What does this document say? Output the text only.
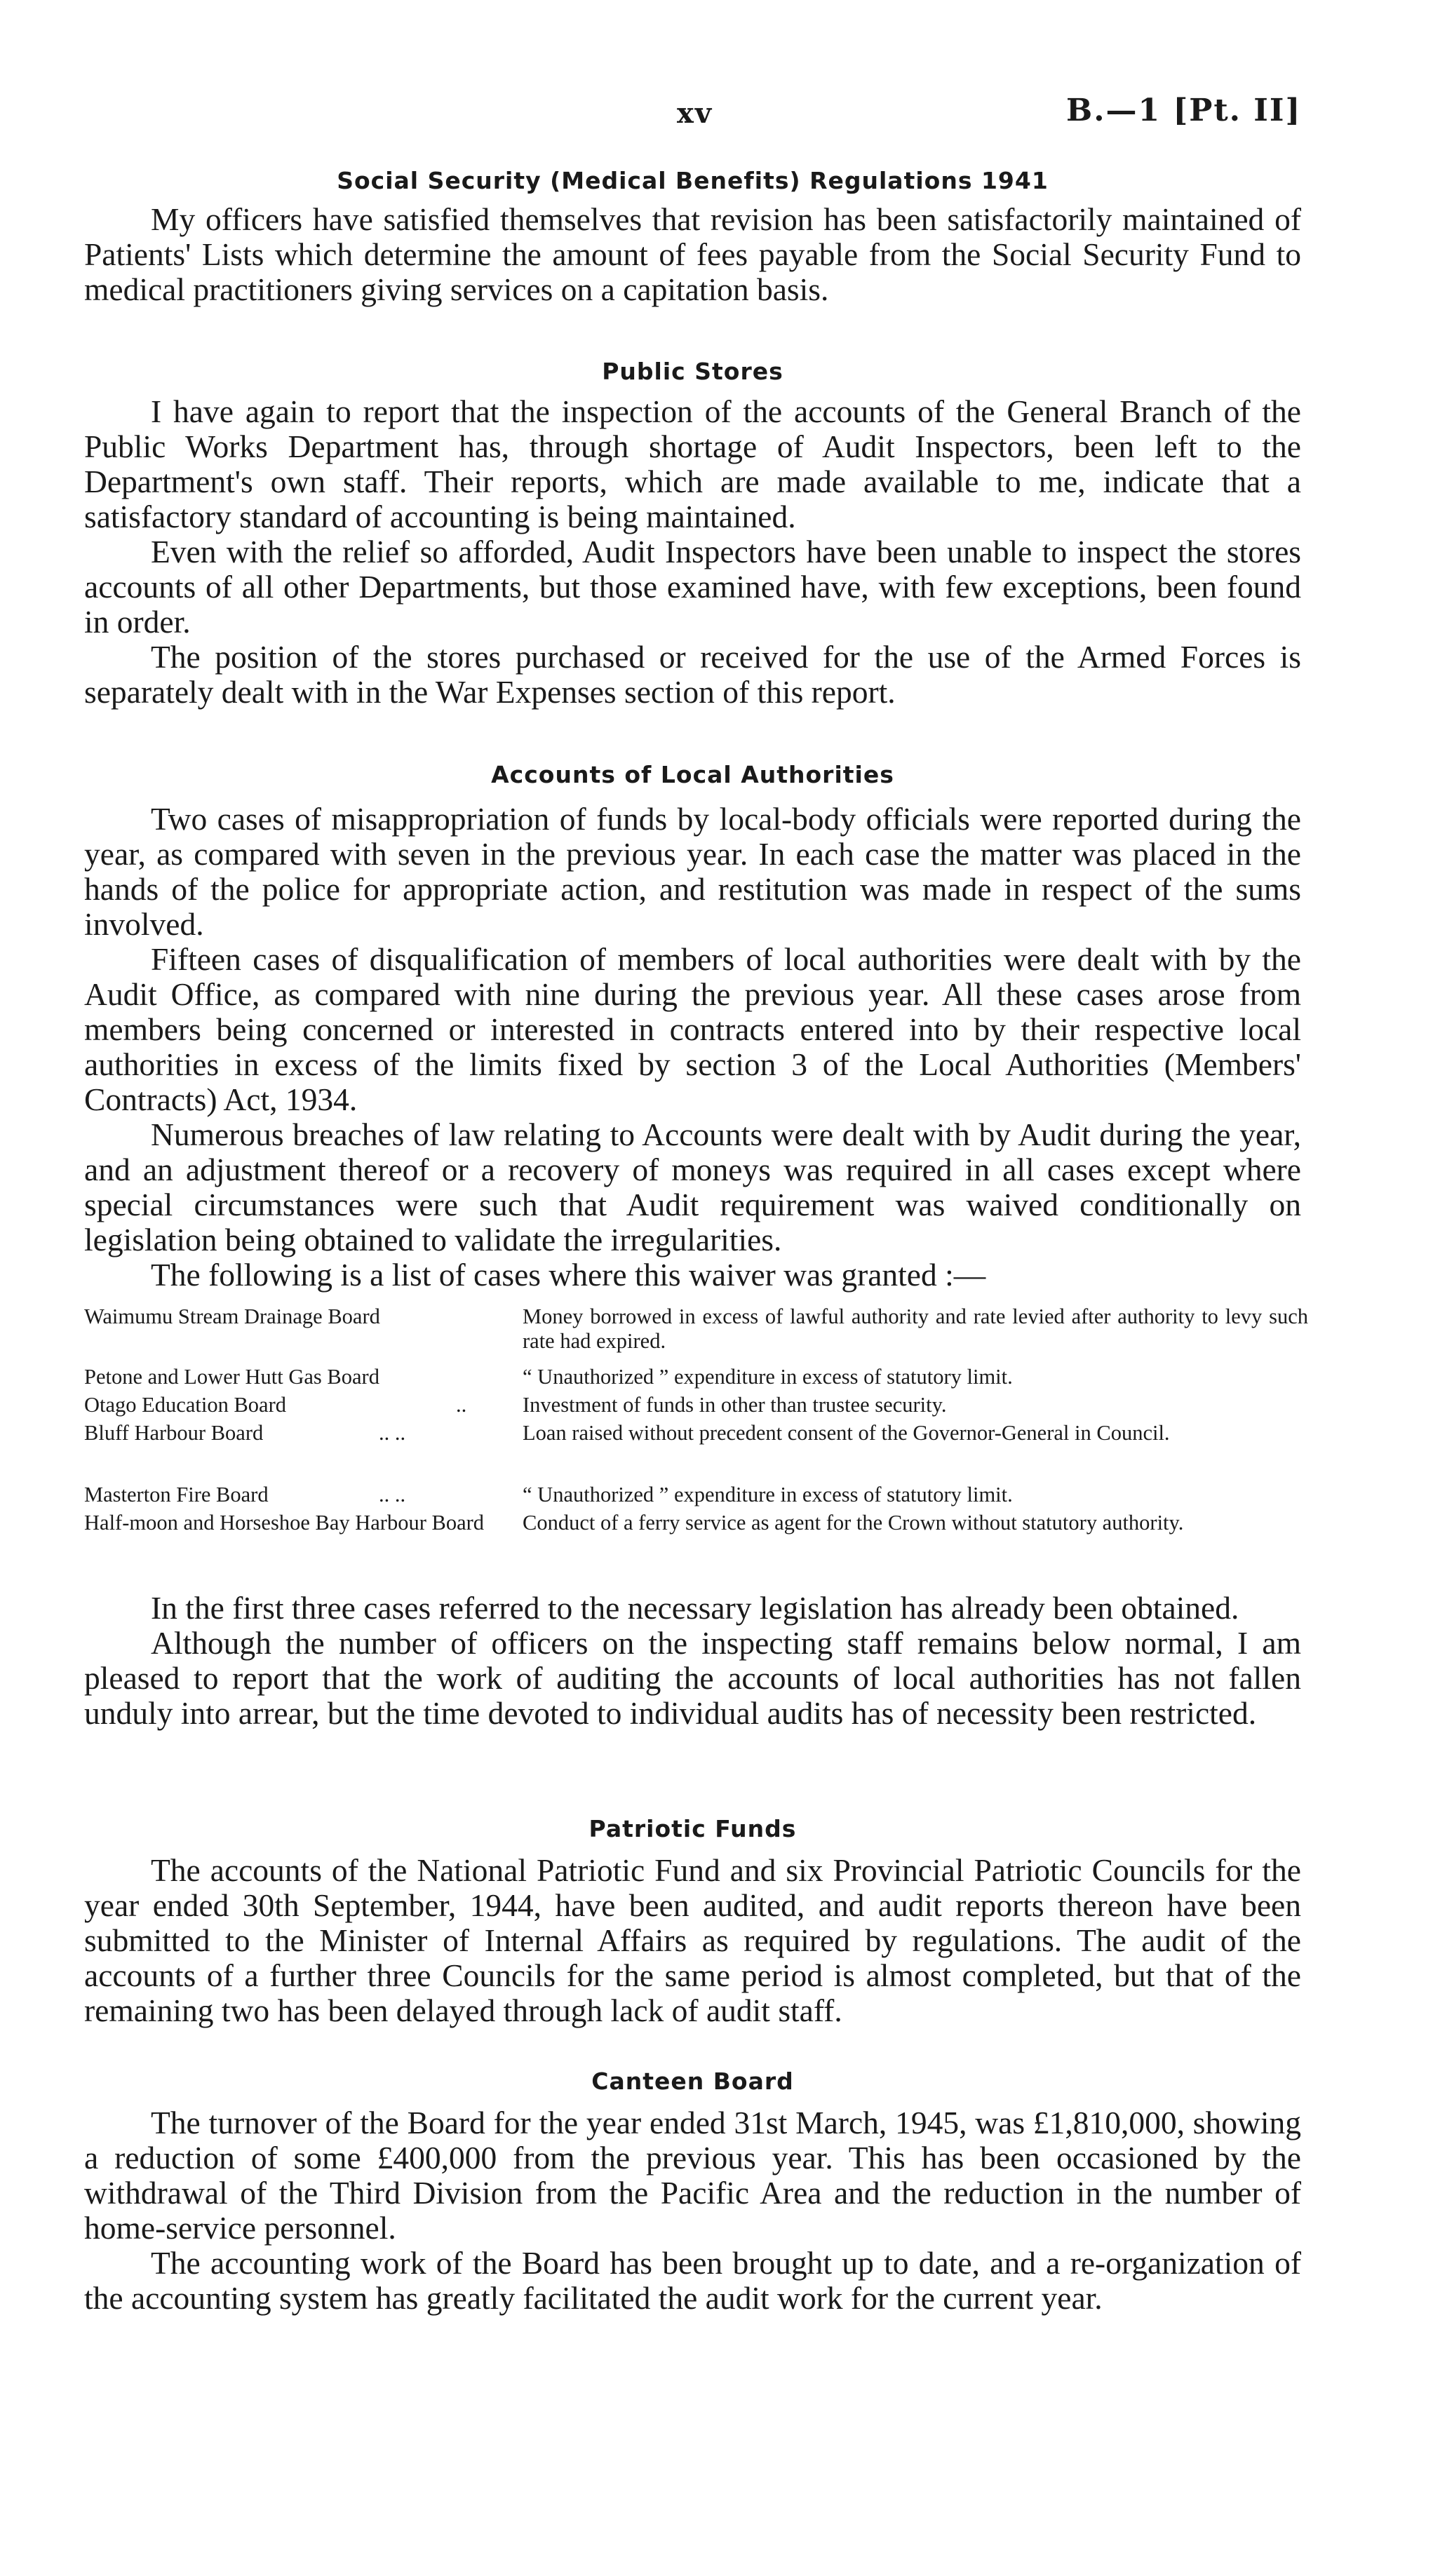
xv	B.—1 [Pt. II]
Social Security (Medical Benefits) Regulations 1941

My officers have satisfied themselves that revision has been satisfactorily maintained of Patients' Lists which determine the amount of fees payable from the Social Security Fund to medical practitioners giving services on a capitation basis.

Public Stores

I have again to report that the inspection of the accounts of the General Branch of the Public Works Department has, through shortage of Audit Inspectors, been left to the Department's own staff. Their reports, which are made available to me, indicate that a satisfactory standard of accounting is being maintained.

Even with the relief so afforded, Audit Inspectors have been unable to inspect the stores accounts of all other Departments, but those examined have, with few exceptions, been found in order.

The position of the stores purchased or received for the use of the Armed Forces is separately dealt with in the War Expenses section of this report.

Accounts of Local Authorities

Two cases of misappropriation of funds by local-body officials were reported during the year, as compared with seven in the previous year. In each case the matter was placed in the hands of the police for appropriate action, and restitution was made in respect of the sums involved.

Fifteen cases of disqualification of members of local authorities were dealt with by the Audit Office, as compared with nine during the previous year. All these cases arose from members being concerned or interested in contracts entered into by their respective local authorities in excess of the limits fixed by section 3 of the Local Authorities (Members' Contracts) Act, 1934.

Numerous breaches of law relating to Accounts were dealt with by Audit during the year, and an adjustment thereof or a recovery of moneys was required in all cases except where special circumstances were such that Audit requirement was waived conditionally on legislation being obtained to validate the irregularities.

The following is a list of cases where this waiver was granted :—

Waimumu Stream Drainage Board	Money borrowed in excess of lawful authority and rate levied after authority to levy such rate had expired.
Petone and Lower Hutt Gas Board	“ Unauthorized ” expenditure in excess of statutory limit.
Otago Education Board	..	Investment of funds in other than trustee security.
Bluff Harbour Board	.. ..	Loan raised without precedent consent of the Governor-General in Council.
Masterton Fire Board	.. ..	“ Unauthorized ” expenditure in excess of statutory limit.
Half-moon and Horseshoe Bay Harbour Board	Conduct of a ferry service as agent for the Crown without statutory authority.

In the first three cases referred to the necessary legislation has already been obtained.

Although the number of officers on the inspecting staff remains below normal, I am pleased to report that the work of auditing the accounts of local authorities has not fallen unduly into arrear, but the time devoted to individual audits has of necessity been restricted.

Patriotic Funds

The accounts of the National Patriotic Fund and six Provincial Patriotic Councils for the year ended 30th September, 1944, have been audited, and audit reports thereon have been submitted to the Minister of Internal Affairs as required by regulations. The audit of the accounts of a further three Councils for the same period is almost completed, but that of the remaining two has been delayed through lack of audit staff.

Canteen Board

The turnover of the Board for the year ended 31st March, 1945, was £1,810,000, showing a reduction of some £400,000 from the previous year. This has been occasioned by the withdrawal of the Third Division from the Pacific Area and the reduction in the number of home-service personnel.

The accounting work of the Board has been brought up to date, and a re-organization of the accounting system has greatly facilitated the audit work for the current year.
